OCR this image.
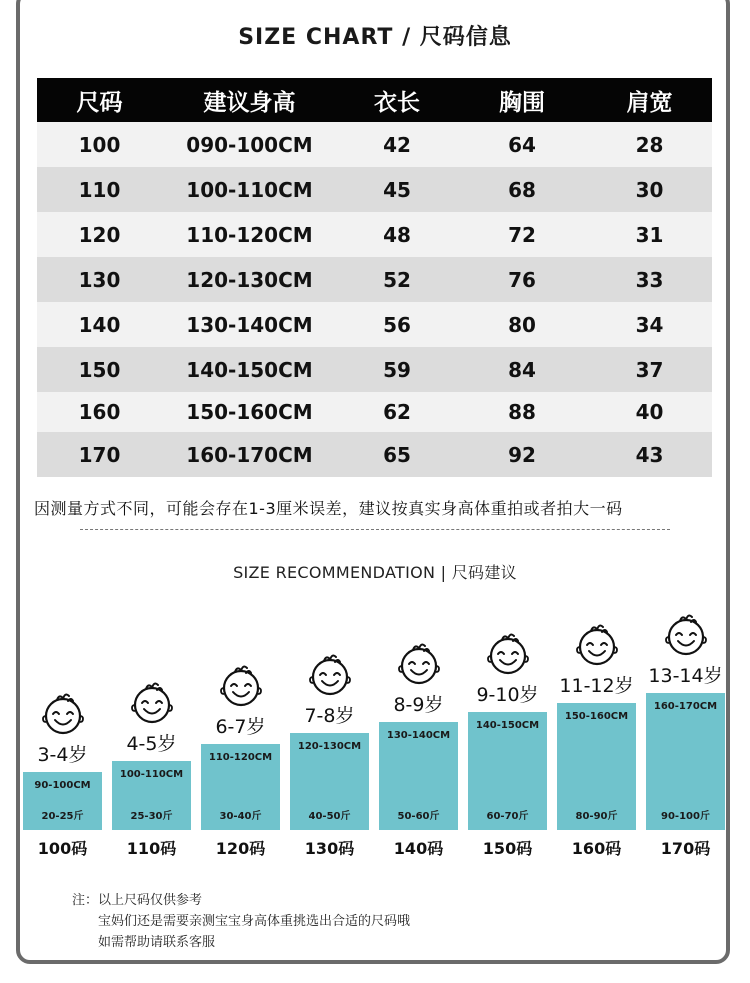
SIZE CHART / 尺码信息
尺码	建议身高	衣长	胸围	肩宽
100	090-100CM	42	64	28
110	100-110CM	45	68	30
120	110-120CM	48	72	31
130	120-130CM	52	76	33
140	130-140CM	56	80	34
150	140-150CM	59	84	37
160	150-160CM	62	88	40
170	160-170CM	65	92	43
因测量方式不同，可能会存在1-3厘米误差，建议按真实身高体重拍或者拍大一码
SIZE RECOMMENDATION | 尺码建议
90-100CM
20-25斤
3-4岁
100码
100-110CM
25-30斤
4-5岁
110码
110-120CM
30-40斤
6-7岁
120码
120-130CM
40-50斤
7-8岁
130码
130-140CM
50-60斤
8-9岁
140码
140-150CM
60-70斤
9-10岁
150码
150-160CM
80-90斤
11-12岁
160码
160-170CM
90-100斤
13-14岁
170码
注：以上尺码仅供参考
宝妈们还是需要亲测宝宝身高体重挑选出合适的尺码哦
如需帮助请联系客服
